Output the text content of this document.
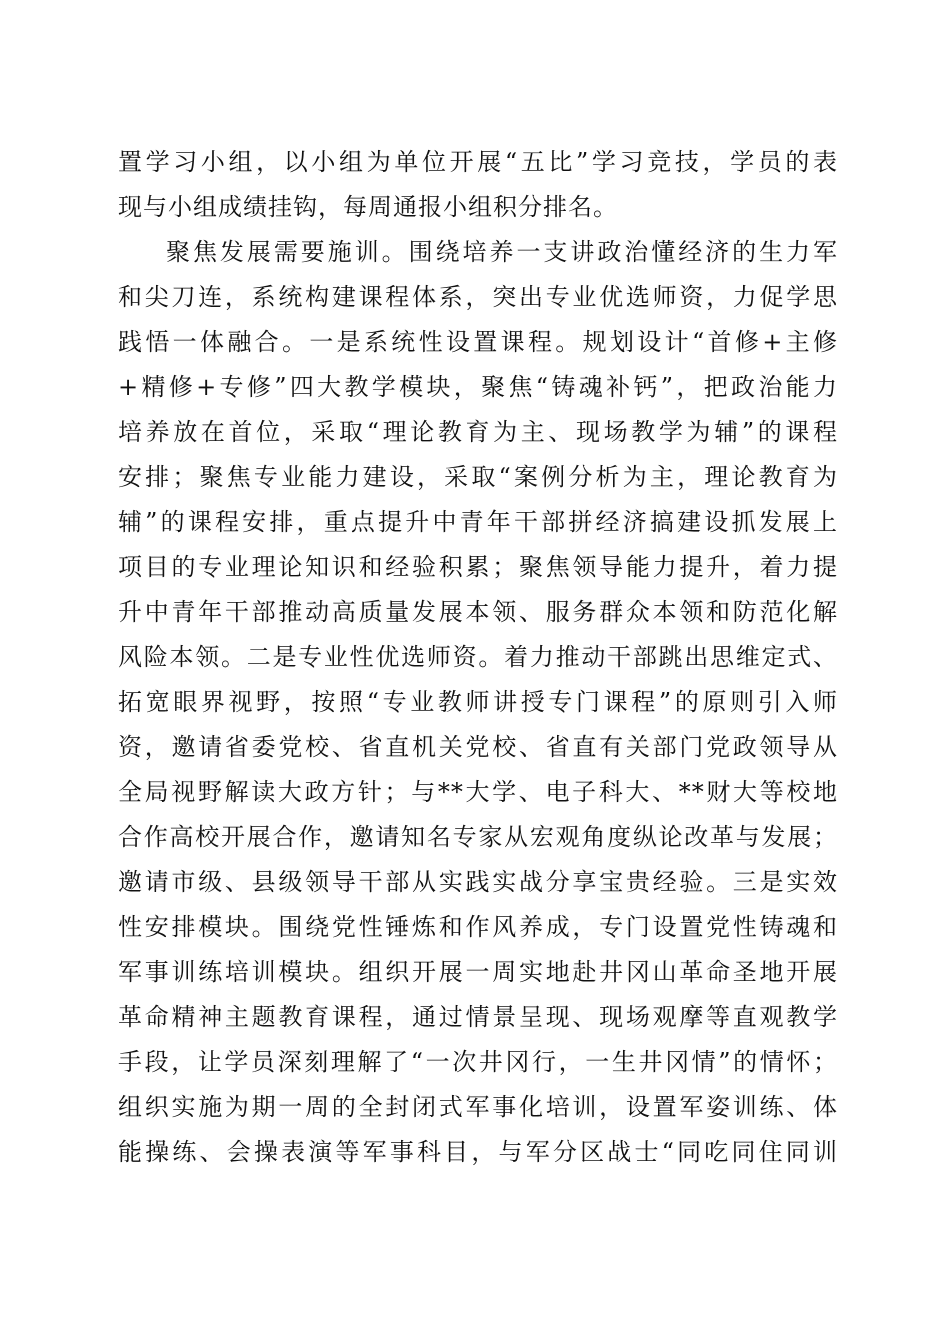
置学习小组，以小组为单位开展“五比”学习竞技，学员的表
现与小组成绩挂钩，每周通报小组积分排名。
聚焦发展需要施训。围绕培养一支讲政治懂经济的生力军
和尖刀连，系统构建课程体系，突出专业优选师资，力促学思
践悟一体融合。一是系统性设置课程。规划设计“首修+主修
+精修+专修”四大教学模块，聚焦“铸魂补钙”，把政治能力
培养放在首位，采取“理论教育为主、现场教学为辅”的课程
安排；聚焦专业能力建设，采取“案例分析为主，理论教育为
辅”的课程安排，重点提升中青年干部拼经济搞建设抓发展上
项目的专业理论知识和经验积累；聚焦领导能力提升，着力提
升中青年干部推动高质量发展本领、服务群众本领和防范化解
风险本领。二是专业性优选师资。着力推动干部跳出思维定式、
拓宽眼界视野，按照“专业教师讲授专门课程”的原则引入师
资，邀请省委党校、省直机关党校、省直有关部门党政领导从
全局视野解读大政方针；与**大学、电子科大、**财大等校地
合作高校开展合作，邀请知名专家从宏观角度纵论改革与发展；
邀请市级、县级领导干部从实践实战分享宝贵经验。三是实效
性安排模块。围绕党性锤炼和作风养成，专门设置党性铸魂和
军事训练培训模块。组织开展一周实地赴井冈山革命圣地开展
革命精神主题教育课程，通过情景呈现、现场观摩等直观教学
手段，让学员深刻理解了“一次井冈行，一生井冈情”的情怀；
组织实施为期一周的全封闭式军事化培训，设置军姿训练、体
能操练、会操表演等军事科目，与军分区战士“同吃同住同训
